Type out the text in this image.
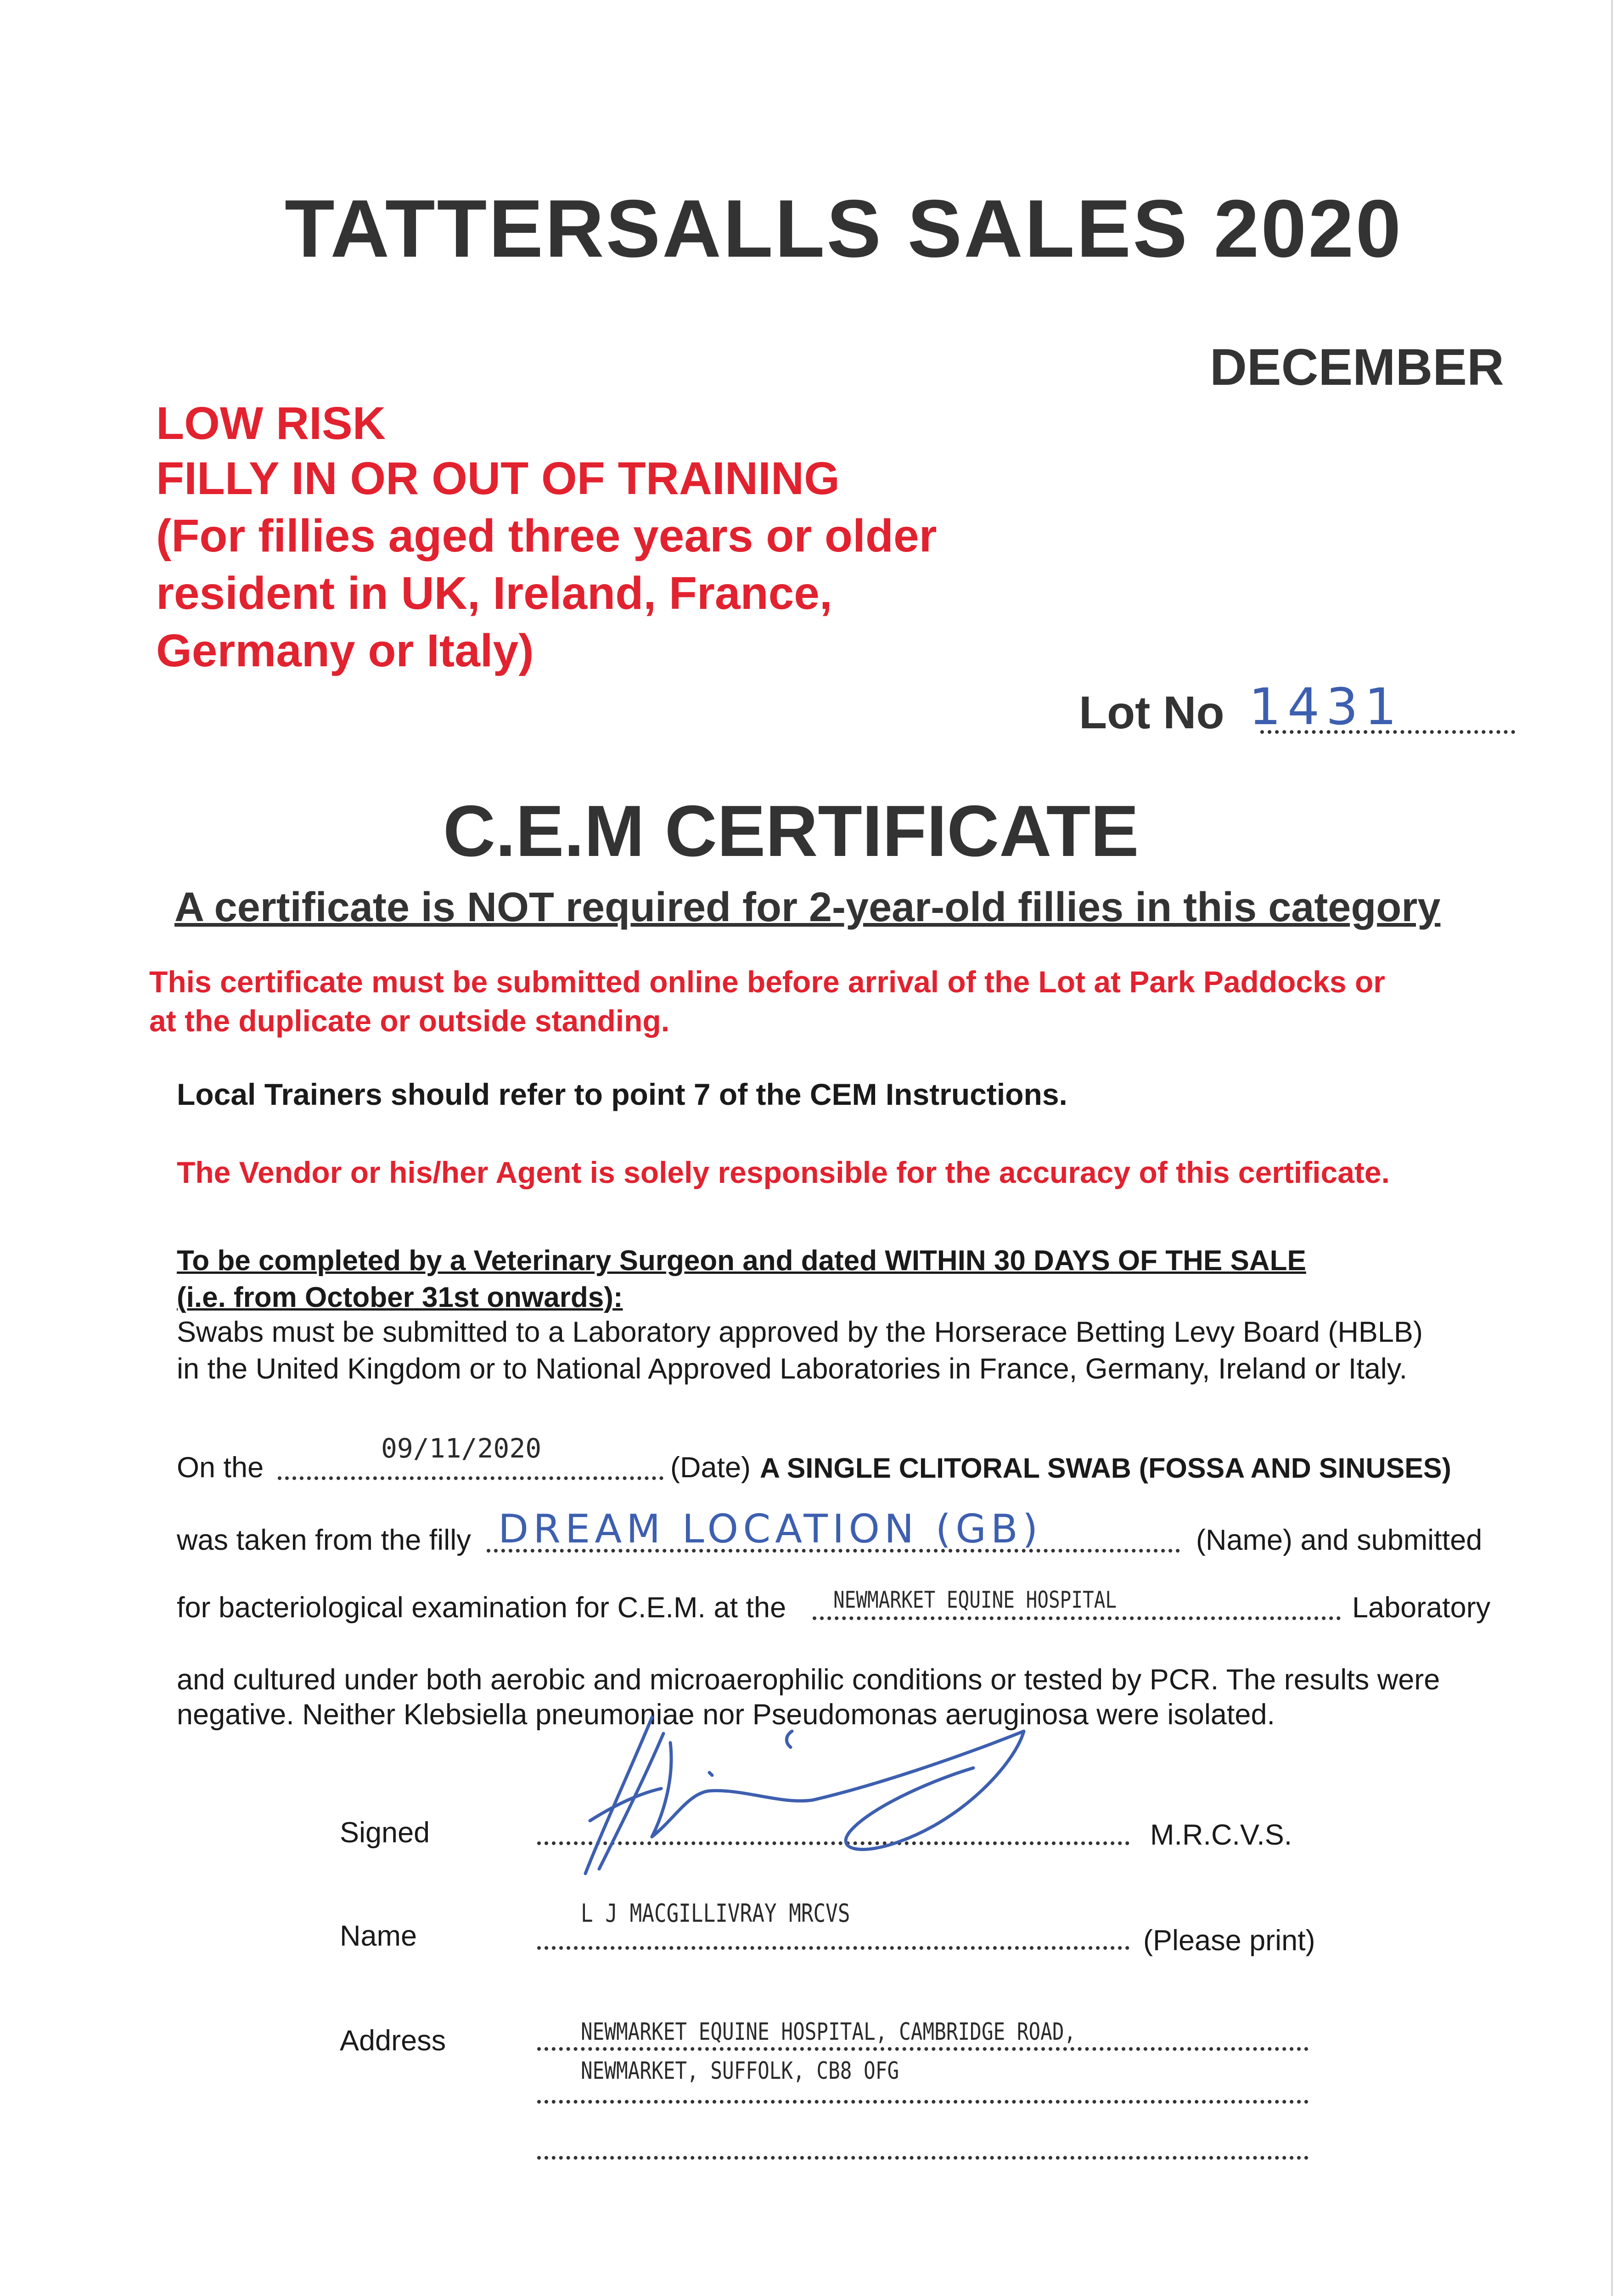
TATTERSALLS SALES 2020
DECEMBER
LOW RISK
FILLY IN OR OUT OF TRAINING
(For fillies aged three years or older
resident in UK, Ireland, France,
Germany or Italy)
Lot No 1431
C.E.M CERTIFICATE
A certificate is NOT required for 2-year-old fillies in this category
This certificate must be submitted online before arrival of the Lot at Park Paddocks or
at the duplicate or outside standing.
Local Trainers should refer to point 7 of the CEM Instructions.
The Vendor or his/her Agent is solely responsible for the accuracy of this certificate.
To be completed by a Veterinary Surgeon and dated WITHIN 30 DAYS OF THE SALE
(i.e. from October 31st onwards):
Swabs must be submitted to a Laboratory approved by the Horserace Betting Levy Board (HBLB)
in the United Kingdom or to National Approved Laboratories in France, Germany, Ireland or Italy.
On the
09/11/2020
(Date) A SINGLE CLITORAL SWAB (FOSSA AND SINUSES)
was taken from the filly DREAM LOCATION (GB)	(Name) and submitted
for bacteriological examination for C.E.M. at the NEWMARKET EQUINE HOSPITAL	Laboratory
and cultured under both aerobic and microaerophilic conditions or tested by PCR. The results were
negative. Neither Klebsiella pneumoniae nor Pseudomonas aeruginosa were isolated.
Signed	M.R.C.V.S.
L J MACGILLIVRAY MRCVS
Name	(Please print)
Address	NEWMARKET EQUINE HOSPITAL, CAMBRIDGE ROAD,
NEWMARKET, SUFFOLK, CB8 OFG
